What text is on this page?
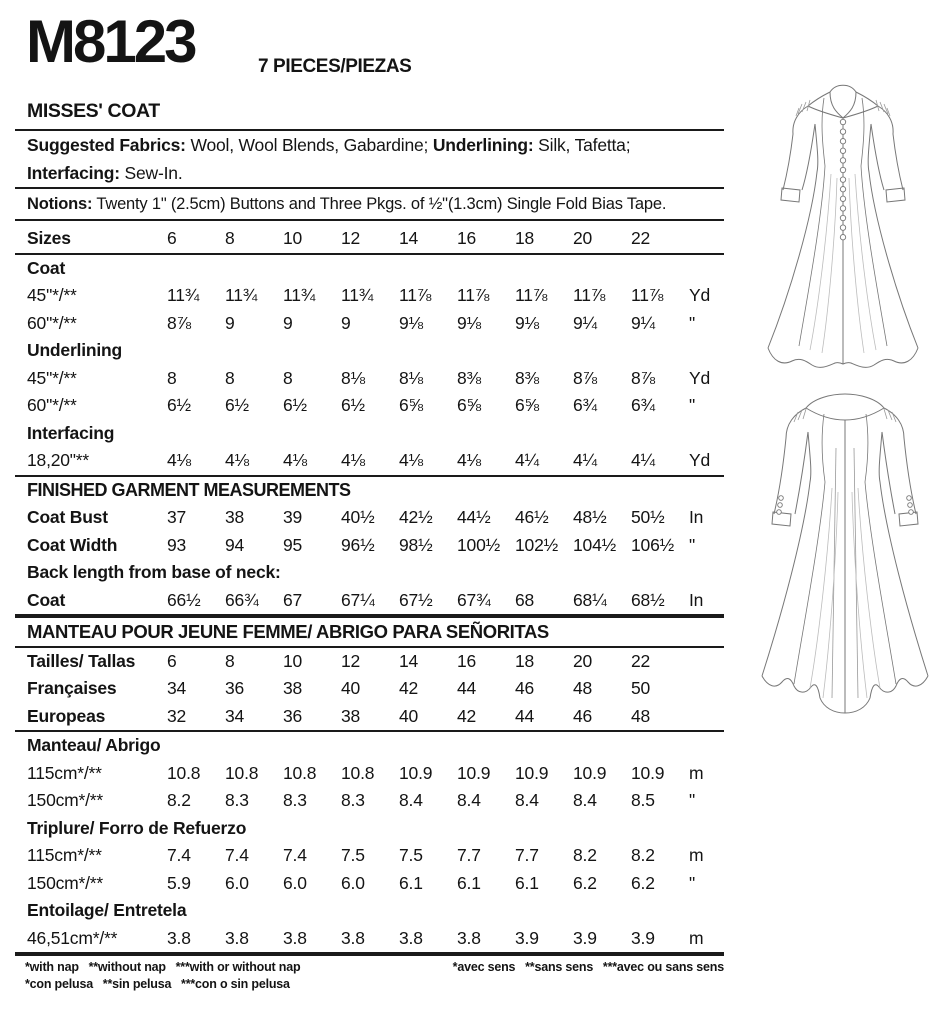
M8123	7 PIECES/PIEZAS
MISSES' COAT
Suggested Fabrics: Wool, Wool Blends, Gabardine; Underlining: Silk, Tafetta;
Interfacing: Sew-In.
Notions: Twenty 1" (2.5cm) Buttons and Three Pkgs. of ½"(1.3cm) Single Fold Bias Tape.
Sizes	6	8	10	12	14	16	18	20	22
Coat
45"*/**	11¾	11¾	11¾	11¾	11⅞	11⅞	11⅞	11⅞	11⅞	Yd
60"*/**	8⅞	9	9	9	9⅛	9⅛	9⅛	9¼	9¼	"
Underlining
45"*/**	8	8	8	8⅛	8⅛	8⅜	8⅜	8⅞	8⅞	Yd
60"*/**	6½	6½	6½	6½	6⅝	6⅝	6⅝	6¾	6¾	"
Interfacing
18,20"**	4⅛	4⅛	4⅛	4⅛	4⅛	4⅛	4¼	4¼	4¼	Yd
FINISHED GARMENT MEASUREMENTS
Coat Bust	37	38	39	40½	42½	44½	46½	48½	50½	In
Coat Width	93	94	95	96½	98½	100½ 102½ 104½ 106½ "
Back length from base of neck:
Coat	66½	66¾	67	67¼	67½	67¾	68	68¼	68½	In
MANTEAU POUR JEUNE FEMME/ ABRIGO PARA SEÑORITAS
Tailles/ Tallas	6	8	10	12	14	16	18	20	22
Françaises	34	36	38	40	42	44	46	48	50
Europeas	32	34	36	38	40	42	44	46	48
Manteau/ Abrigo
115cm*/**	10.8	10.8	10.8	10.8	10.9	10.9	10.9	10.9	10.9	m
150cm*/**	8.2	8.3	8.3	8.3	8.4	8.4	8.4	8.4	8.5	"
Triplure/ Forro de Refuerzo
115cm*/**	7.4	7.4	7.4	7.5	7.5	7.7	7.7	8.2	8.2	m
150cm*/**	5.9	6.0	6.0	6.0	6.1	6.1	6.1	6.2	6.2	"
Entoilage/ Entretela
46,51cm*/**	3.8	3.8	3.8	3.8	3.8	3.8	3.9	3.9	3.9	m
*with nap   **without nap   ***with or without nap	*avec sens   **sans sens   ***avec ou sans sens
*con pelusa   **sin pelusa   ***con o sin pelusa
